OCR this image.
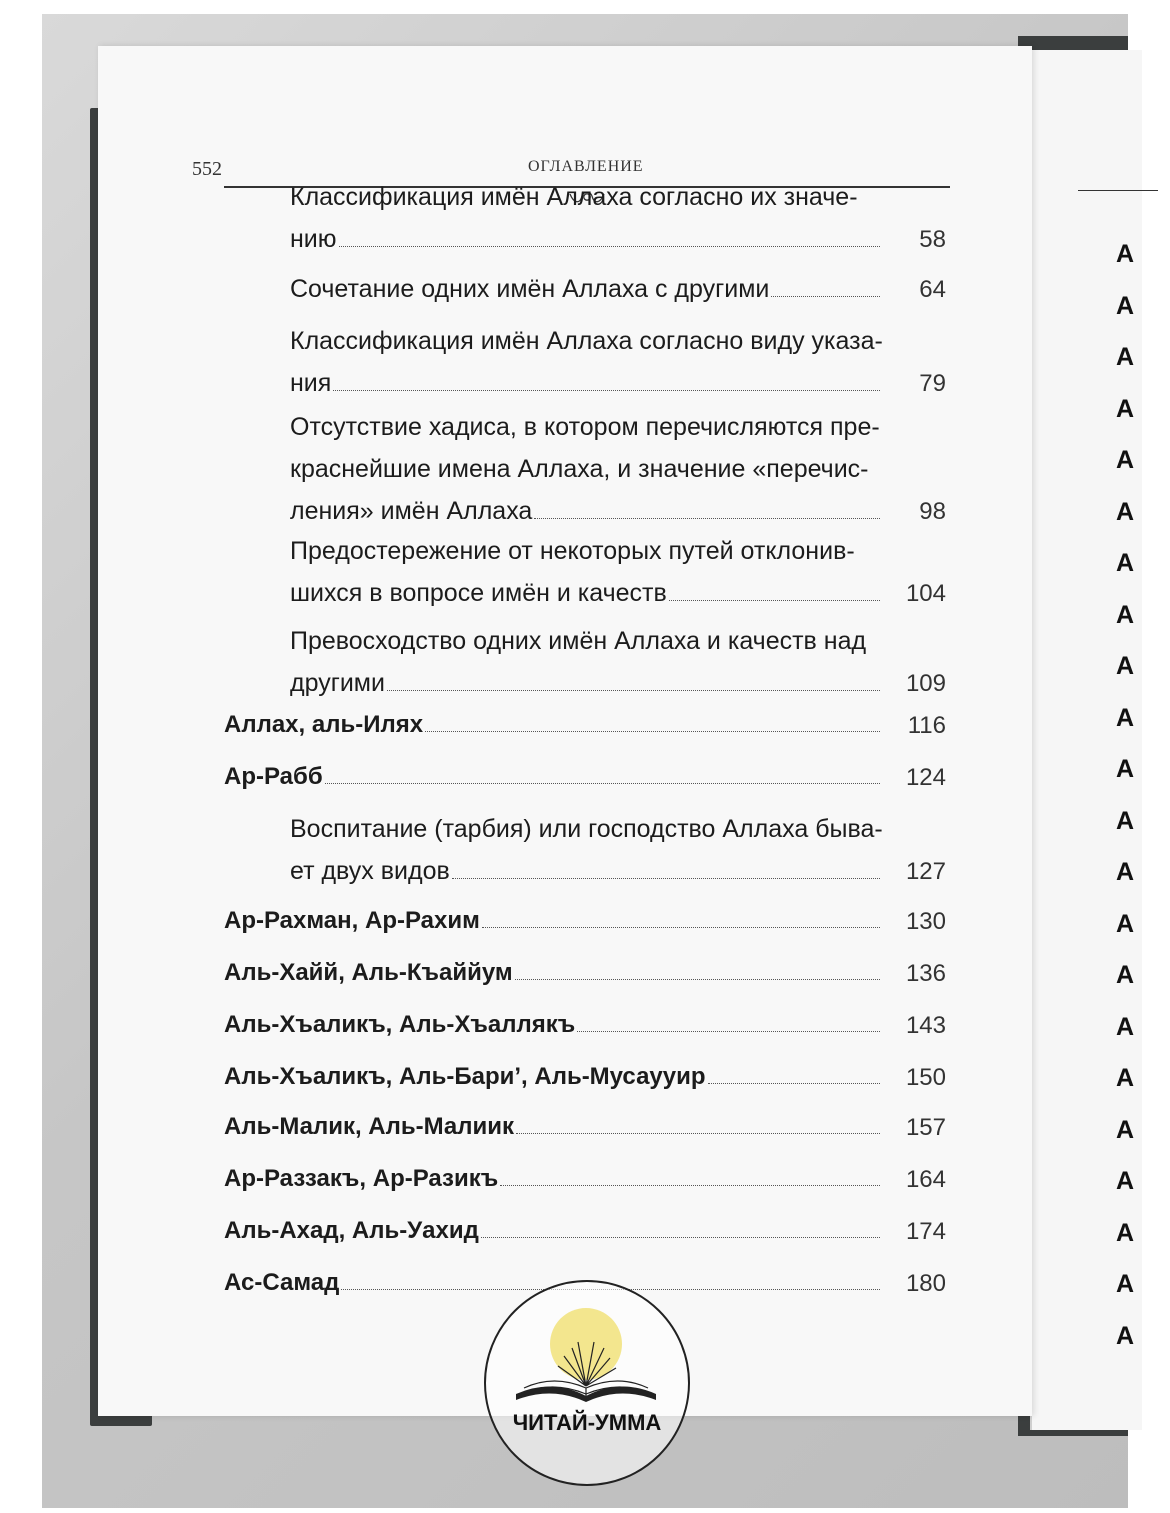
А
А
А
А
А
А
А
А
А
А
А
А
А
А
А
А
А
А
А
А
А
А
552	ОГЛАВЛЕНИЕ
Классификация имён Аллаха согласно их значе-
нию	58
Сочетание одних имён Аллаха с другими	64
Классификация имён Аллаха согласно виду указа-
ния	79
Отсутствие хадиса, в котором перечисляются пре-
краснейшие имена Аллаха, и значение «перечис-
ления» имён Аллаха	98
Предостережение от некоторых путей отклонив-
шихся в вопросе имён и качеств	104
Превосходство одних имён Аллаха и качеств над
другими	109
Аллах, аль-Илях	116
Ар-Рабб	124
Воспитание (тарбия) или господство Аллаха быва-
ет двух видов	127
Ар-Рахман, Ар-Рахим	130
Аль-Хайй, Аль-Къаййум	136
Аль-Хъаликъ, Аль-Хъаллякъ	143
Аль-Хъаликъ, Аль-Бари’, Аль-Мусаууир	150
Аль-Малик, Аль-Малиик	157
Ар-Раззакъ, Ар-Разикъ	164
Аль-Ахад, Аль-Уахид	174
Ас-Самад	180
ЧИТАЙ-УММА
